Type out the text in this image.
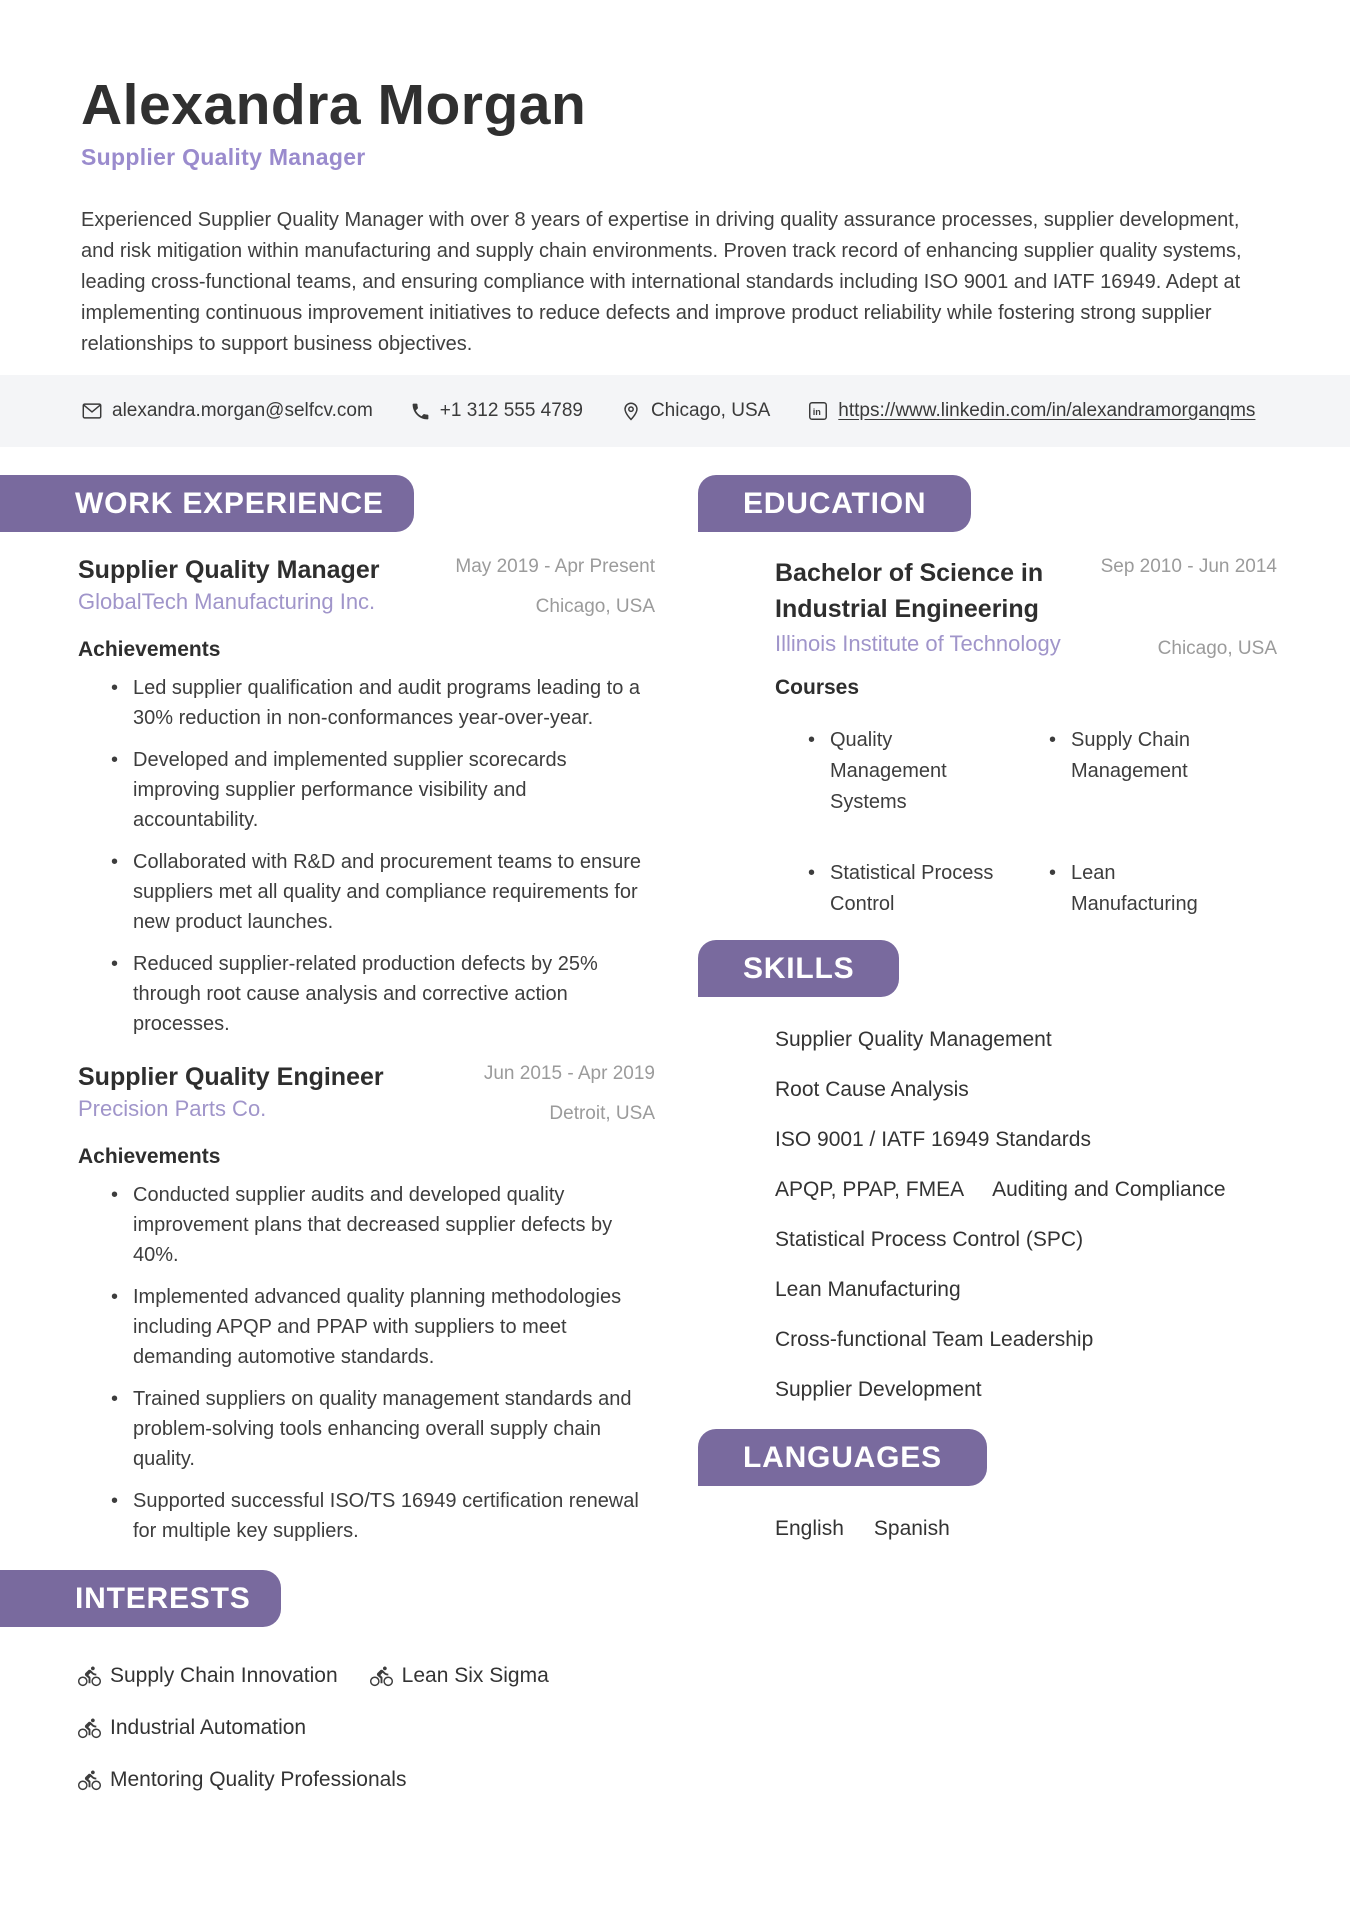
Alexandra Morgan
Supplier Quality Manager
Experienced Supplier Quality Manager with over 8 years of expertise in driving quality assurance processes, supplier development, and risk mitigation within manufacturing and supply chain environments. Proven track record of enhancing supplier quality systems, leading cross-functional teams, and ensuring compliance with international standards including ISO 9001 and IATF 16949. Adept at implementing continuous improvement initiatives to reduce defects and improve product reliability while fostering strong supplier relationships to support business objectives.
alexandra.morgan@selfcv.com	+1 312 555 4789	Chicago, USA	in https://www.linkedin.com/in/alexandramorganqms
WORK EXPERIENCE
Supplier Quality Manager
GlobalTech Manufacturing Inc.
May 2019 - Apr Present
Chicago, USA
Achievements
• Led supplier qualification and audit programs leading to a 30% reduction in non-conformances year-over-year.
• Developed and implemented supplier scorecards improving supplier performance visibility and accountability.
• Collaborated with R&D and procurement teams to ensure suppliers met all quality and compliance requirements for new product launches.
• Reduced supplier-related production defects by 25% through root cause analysis and corrective action processes.
Supplier Quality Engineer
Precision Parts Co.
Jun 2015 - Apr 2019
Detroit, USA
Achievements
• Conducted supplier audits and developed quality improvement plans that decreased supplier defects by 40%.
• Implemented advanced quality planning methodologies including APQP and PPAP with suppliers to meet demanding automotive standards.
• Trained suppliers on quality management standards and problem-solving tools enhancing overall supply chain quality.
• Supported successful ISO/TS 16949 certification renewal for multiple key suppliers.
INTERESTS
Supply Chain Innovation	Lean Six Sigma
Industrial Automation
Mentoring Quality Professionals
EDUCATION
Bachelor of Science in Industrial Engineering
Illinois Institute of Technology
Sep 2010 - Jun 2014
Chicago, USA
Courses
• Quality Management Systems
• Supply Chain Management
• Statistical Process Control
• Lean Manufacturing
SKILLS
Supplier Quality Management
Root Cause Analysis
ISO 9001 / IATF 16949 Standards
APQP, PPAP, FMEA Auditing and Compliance
Statistical Process Control (SPC)
Lean Manufacturing
Cross-functional Team Leadership
Supplier Development
LANGUAGES
English Spanish
